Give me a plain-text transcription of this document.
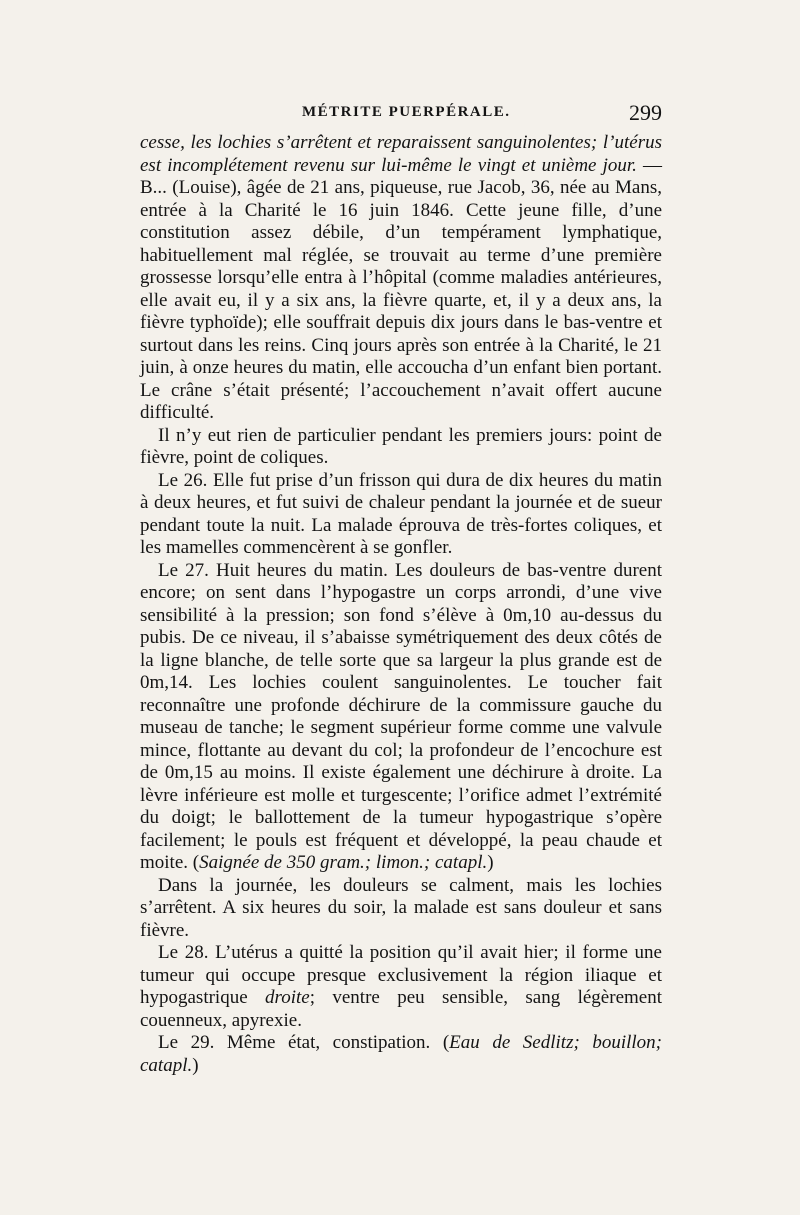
MÉTRITE PUERPÉRALE.	299

cesse, les lochies s’arrêtent et reparaissent sanguinolentes; l’utérus est incomplétement revenu sur lui-même le vingt et unième jour. — B... (Louise), âgée de 21 ans, piqueuse, rue Jacob, 36, née au Mans, entrée à la Charité le 16 juin 1846. Cette jeune fille, d’une constitution assez débile, d’un tempérament lymphatique, habituellement mal réglée, se trouvait au terme d’une première grossesse lorsqu’elle entra à l’hôpital (comme maladies antérieures, elle avait eu, il y a six ans, la fièvre quarte, et, il y a deux ans, la fièvre typhoïde); elle souffrait depuis dix jours dans le bas-ventre et surtout dans les reins. Cinq jours après son entrée à la Charité, le 21 juin, à onze heures du matin, elle accoucha d’un enfant bien portant. Le crâne s’était présenté; l’accouchement n’avait offert aucune difficulté.

Il n’y eut rien de particulier pendant les premiers jours: point de fièvre, point de coliques.

Le 26. Elle fut prise d’un frisson qui dura de dix heures du matin à deux heures, et fut suivi de chaleur pendant la journée et de sueur pendant toute la nuit. La malade éprouva de très-fortes coliques, et les mamelles commencèrent à se gonfler.

Le 27. Huit heures du matin. Les douleurs de bas-ventre durent encore; on sent dans l’hypogastre un corps arrondi, d’une vive sensibilité à la pression; son fond s’élève à 0m,10 au-dessus du pubis. De ce niveau, il s’abaisse symétriquement des deux côtés de la ligne blanche, de telle sorte que sa largeur la plus grande est de 0m,14. Les lochies coulent sanguinolentes. Le toucher fait reconnaître une profonde déchirure de la commissure gauche du museau de tanche; le segment supérieur forme comme une valvule mince, flottante au devant du col; la profondeur de l’encochure est de 0m,15 au moins. Il existe également une déchirure à droite. La lèvre inférieure est molle et turgescente; l’orifice admet l’extrémité du doigt; le ballottement de la tumeur hypogastrique s’opère facilement; le pouls est fréquent et développé, la peau chaude et moite. (Saignée de 350 gram.; limon.; catapl.)

Dans la journée, les douleurs se calment, mais les lochies s’arrêtent. A six heures du soir, la malade est sans douleur et sans fièvre.

Le 28. L’utérus a quitté la position qu’il avait hier; il forme une tumeur qui occupe presque exclusivement la région iliaque et hypogastrique droite; ventre peu sensible, sang légèrement couenneux, apyrexie.

Le 29. Même état, constipation. (Eau de Sedlitz; bouillon; catapl.)
